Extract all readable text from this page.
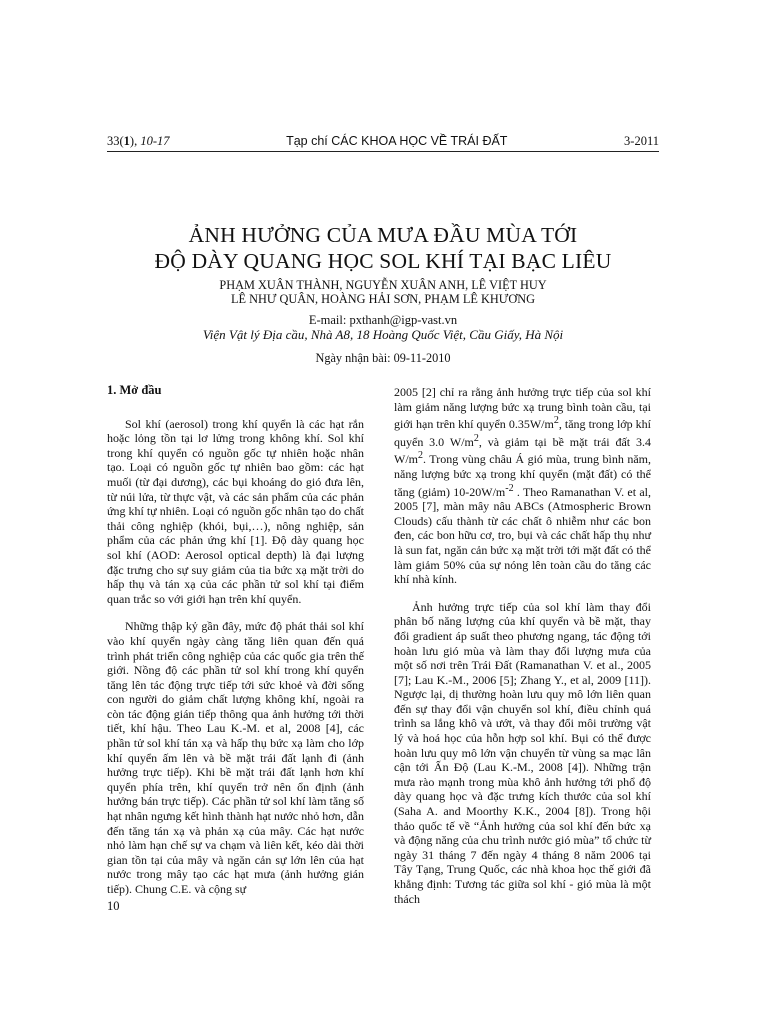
33(1), 10-17	Tạp chí CÁC KHOA HỌC VỀ TRÁI ĐẤT	3-2011
ẢNH HƯỞNG CỦA MƯA ĐẦU MÙA TỚI
ĐỘ DÀY QUANG HỌC SOL KHÍ TẠI BẠC LIÊU
PHẠM XUÂN THÀNH, NGUYỄN XUÂN ANH, LÊ VIỆT HUY
LÊ NHƯ QUÂN, HOÀNG HẢI SƠN, PHẠM LÊ KHƯƠNG
E-mail: pxthanh@igp-vast.vn
Viện Vật lý Địa cầu, Nhà A8, 18 Hoàng Quốc Việt, Cầu Giấy, Hà Nội
Ngày nhận bài: 09-11-2010

1. Mở đầu

Sol khí (aerosol) trong khí quyển là các hạt rắn hoặc lỏng tồn tại lơ lửng trong không khí. Sol khí trong khí quyển có nguồn gốc tự nhiên hoặc nhân tạo. Loại có nguồn gốc tự nhiên bao gồm: các hạt muối (từ đại dương), các bụi khoáng do gió đưa lên, từ núi lửa, từ thực vật, và các sản phẩm của các phản ứng khí tự nhiên. Loại có nguồn gốc nhân tạo do chất thải công nghiệp (khói, bụi,…), nông nghiệp, sản phẩm của các phản ứng khí [1]. Độ dày quang học sol khí (AOD: Aerosol optical depth) là đại lượng đặc trưng cho sự suy giảm của tia bức xạ mặt trời do hấp thụ và tán xạ của các phần tử sol khí tại điểm quan trắc so với giới hạn trên khí quyển.

Những thập kỷ gần đây, mức độ phát thải sol khí vào khí quyển ngày càng tăng liên quan đến quá trình phát triển công nghiệp của các quốc gia trên thế giới. Nồng độ các phần tử sol khí trong khí quyển tăng lên tác động trực tiếp tới sức khoẻ và đời sống con người do giảm chất lượng không khí, ngoài ra còn tác động gián tiếp thông qua ảnh hưởng tới thời tiết, khí hậu. Theo Lau K.-M. et al, 2008 [4], các phần tử sol khí tán xạ và hấp thụ bức xạ làm cho lớp khí quyển ấm lên và bề mặt trái đất lạnh đi (ảnh hưởng trực tiếp). Khi bề mặt trái đất lạnh hơn khí quyển phía trên, khí quyển trở nên ổn định (ảnh hưởng bán trực tiếp). Các phần tử sol khí làm tăng số hạt nhân ngưng kết hình thành hạt nước nhỏ hơn, dẫn đến tăng tán xạ và phản xạ của mây. Các hạt nước nhỏ làm hạn chế sự va chạm và liên kết, kéo dài thời gian tồn tại của mây và ngăn cản sự lớn lên của hạt nước trong mây tạo các hạt mưa (ảnh hưởng gián tiếp). Chung C.E. và cộng sự

2005 [2] chỉ ra rằng ảnh hưởng trực tiếp của sol khí làm giảm năng lượng bức xạ trung bình toàn cầu, tại giới hạn trên khí quyển $0.35W/m^2$, tăng trong lớp khí quyển 3.0 $W/m^2$, và giảm tại bề mặt trái đất 3.4 $W/m^2$. Trong vùng châu Á gió mùa, trung bình năm, năng lượng bức xạ trong khí quyển (mặt đất) có thể tăng (giảm) $10-20W/m^{-2}$ . Theo Ramanathan V. et al, 2005 [7], màn mây nâu ABCs (Atmospheric Brown Clouds) cấu thành từ các chất ô nhiễm như các bon đen, các bon hữu cơ, tro, bụi và các chất hấp thụ như là sun fat, ngăn cản bức xạ mặt trời tới mặt đất có thể làm giảm 50% của sự nóng lên toàn cầu do tăng các khí nhà kính.

Ảnh hưởng trực tiếp của sol khí làm thay đổi phân bố năng lượng của khí quyển và bề mặt, thay đổi gradient áp suất theo phương ngang, tác động tới hoàn lưu gió mùa và làm thay đổi lượng mưa của một số nơi trên Trái Đất (Ramanathan V. et al., 2005 [7]; Lau K.-M., 2006 [5]; Zhang Y., et al, 2009 [11]). Ngược lại, dị thường hoàn lưu quy mô lớn liên quan đến sự thay đổi vận chuyển sol khí, điều chỉnh quá trình sa lắng khô và ướt, và thay đổi môi trường vật lý và hoá học của hỗn hợp sol khí. Bụi có thể được hoàn lưu quy mô lớn vận chuyển từ vùng sa mạc lân cận tới Ấn Độ (Lau K.-M., 2008 [4]). Những trận mưa rào mạnh trong mùa khô ảnh hưởng tới phổ độ dày quang học và đặc trưng kích thước của sol khí (Saha A. and Moorthy K.K., 2004 [8]). Trong hội thảo quốc tế về “Ảnh hưởng của sol khí đến bức xạ và động năng của chu trình nước gió mùa” tổ chức từ ngày 31 tháng 7 đến ngày 4 tháng 8 năm 2006 tại Tây Tạng, Trung Quốc, các nhà khoa học thế giới đã khẳng định: Tương tác giữa sol khí - gió mùa là một thách

10
